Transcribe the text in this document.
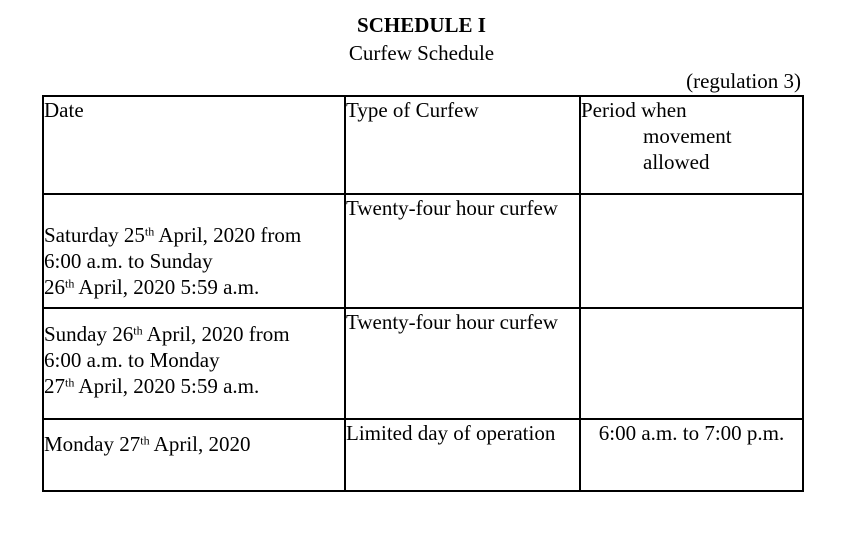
SCHEDULE I
Curfew Schedule
(regulation 3)
Date	Type of Curfew	Period when
movement
allowed

Saturday 25th April, 2020 from
6:00 a.m. to Sunday
26th April, 2020 5:59 a.m.	Twenty-four hour curfew	
Sunday 26th April, 2020 from
6:00 a.m. to Monday
27th April, 2020 5:59 a.m.	Twenty-four hour curfew	
Monday 27th April, 2020	Limited day of operation	6:00 a.m. to 7:00 p.m.
